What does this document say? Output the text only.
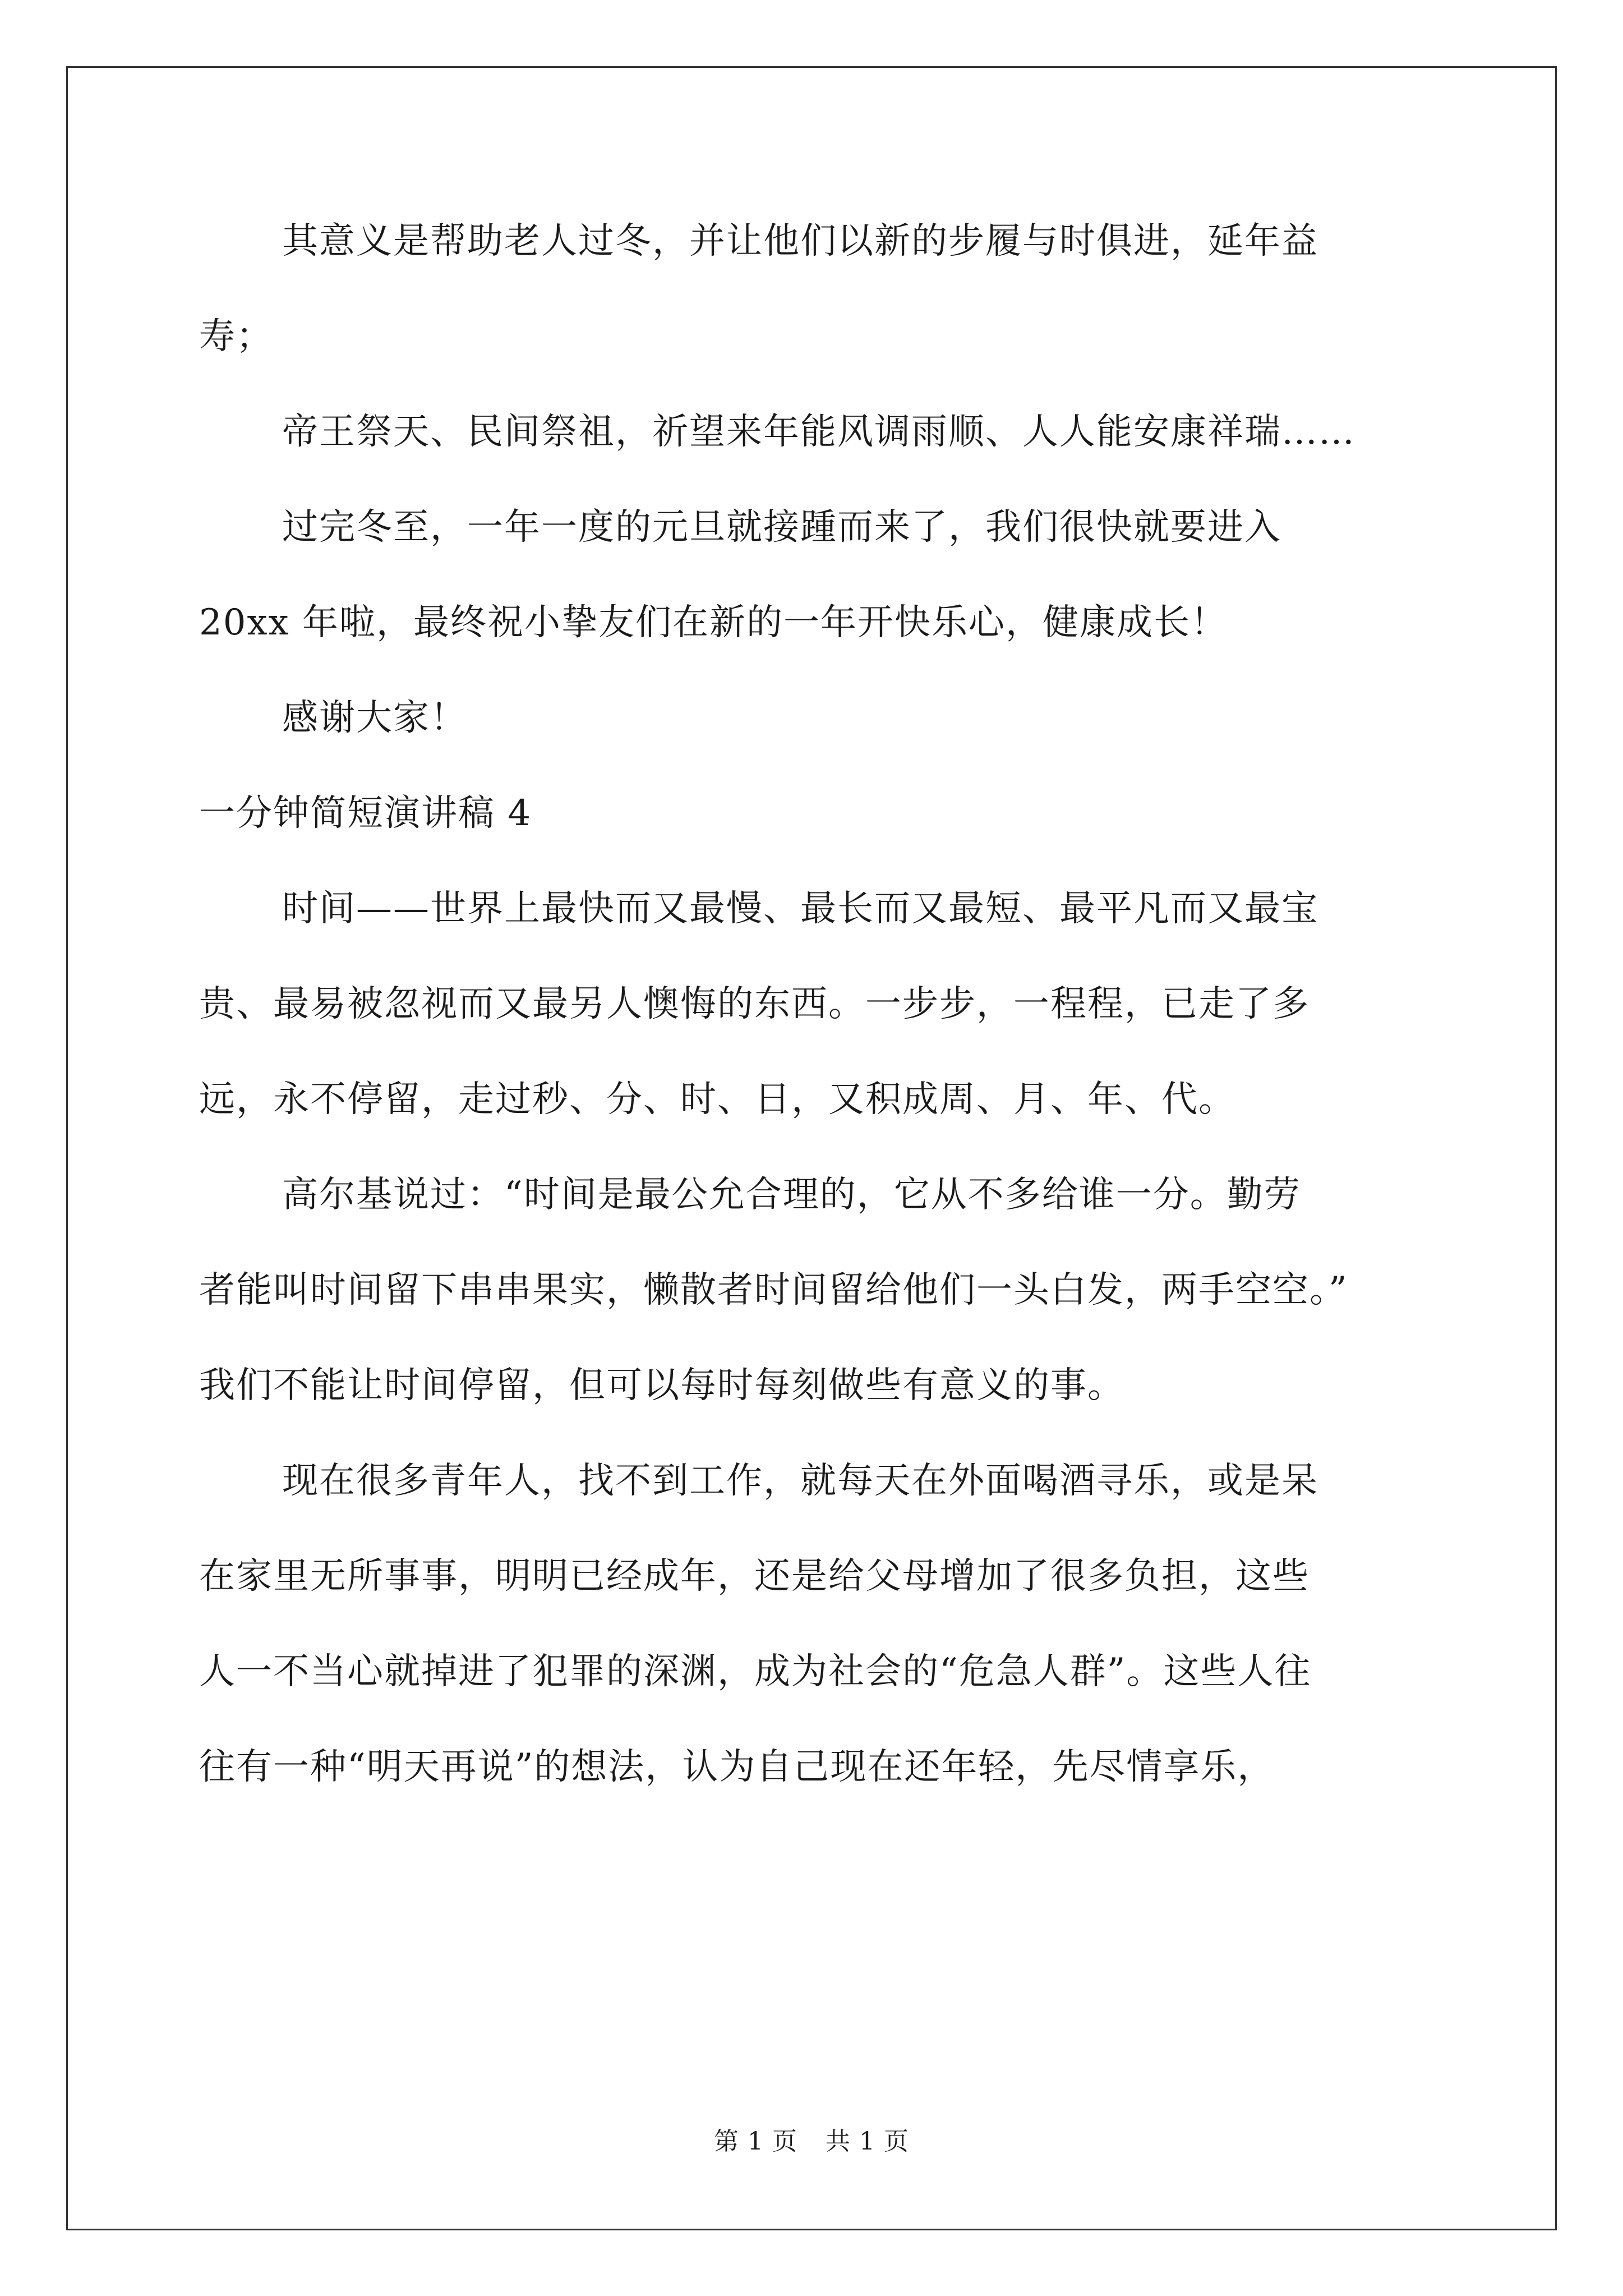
其意义是帮助老人过冬，并让他们以新的步履与时俱进，延年益
寿；
帝王祭天、民间祭祖，祈望来年能风调雨顺、人人能安康祥瑞……
过完冬至，一年一度的元旦就接踵而来了，我们很快就要进入
20xx 年啦，最终祝小挚友们在新的一年开快乐心，健康成长！
感谢大家！
一分钟简短演讲稿 4
时间——世界上最快而又最慢、最长而又最短、最平凡而又最宝
贵、最易被忽视而又最另人懊悔的东西。一步步，一程程，已走了多
远，永不停留，走过秒、分、时、日，又积成周、月、年、代。
高尔基说过：“时间是最公允合理的，它从不多给谁一分。勤劳
者能叫时间留下串串果实，懒散者时间留给他们一头白发，两手空空。”
我们不能让时间停留，但可以每时每刻做些有意义的事。
现在很多青年人，找不到工作，就每天在外面喝酒寻乐，或是呆
在家里无所事事，明明已经成年，还是给父母增加了很多负担，这些
人一不当心就掉进了犯罪的深渊，成为社会的“危急人群”。这些人往
往有一种“明天再说”的想法，认为自己现在还年轻，先尽情享乐，
第 1 页 共 1 页
